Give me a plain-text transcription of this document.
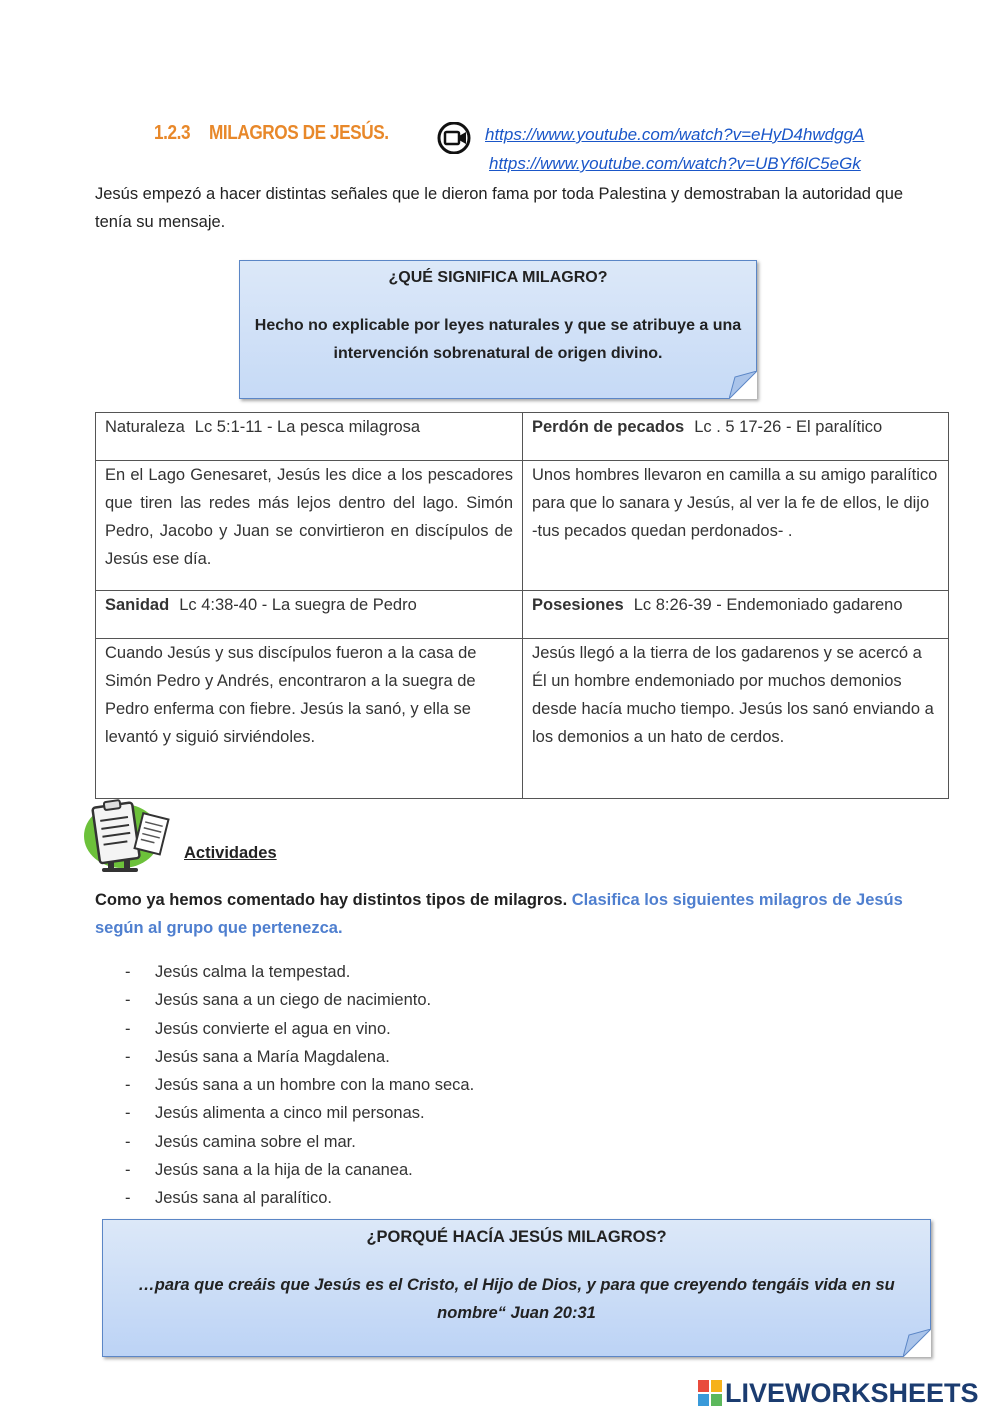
1.2.3 MILAGROS DE JESÚS.	https://www.youtube.com/watch?v=eHyD4hwdggA
https://www.youtube.com/watch?v=UBYf6lC5eGk

Jesús empezó a hacer distintas señales que le dieron fama por toda Palestina y demostraban la autoridad que tenía su mensaje.

¿QUÉ SIGNIFICA MILAGRO?
Hecho no explicable por leyes naturales y que se atribuye a una intervención sobrenatural de origen divino.
Naturaleza Lc 5:1-11 - La pesca milagrosa	Perdón de pecados Lc . 5 17-26 - El paralítico
En el Lago Genesaret, Jesús les dice a los pescadores que tiren las redes más lejos dentro del lago. Simón Pedro, Jacobo y Juan se convirtieron en discípulos de Jesús ese día.	Unos hombres llevaron en camilla a su amigo paralítico para que lo sanara y Jesús, al ver la fe de ellos, le dijo -tus pecados quedan perdonados- .
Sanidad Lc 4:38-40 - La suegra de Pedro	Posesiones Lc 8:26-39 - Endemoniado gadareno
Cuando Jesús y sus discípulos fueron a la casa de Simón Pedro y Andrés, encontraron a la suegra de Pedro enferma con fiebre. Jesús la sanó, y ella se levantó y siguió sirviéndoles.	Jesús llegó a la tierra de los gadarenos y se acercó a Él un hombre endemoniado por muchos demonios desde hacía mucho tiempo. Jesús los sanó enviando a los demonios a un hato de cerdos.
Actividades

Como ya hemos comentado hay distintos tipos de milagros. Clasifica los siguientes milagros de Jesús según al grupo que pertenezca.

- Jesús calma la tempestad.
- Jesús sana a un ciego de nacimiento.
- Jesús convierte el agua en vino.
- Jesús sana a María Magdalena.
- Jesús sana a un hombre con la mano seca.
- Jesús alimenta a cinco mil personas.
- Jesús camina sobre el mar.
- Jesús sana a la hija de la cananea.
- Jesús sana al paralítico.
¿PORQUÉ HACÍA JESÚS MILAGROS?
…para que creáis que Jesús es el Cristo, el Hijo de Dios, y para que creyendo tengáis vida en su nombre“ Juan 20:31
LIVEWORKSHEETS
